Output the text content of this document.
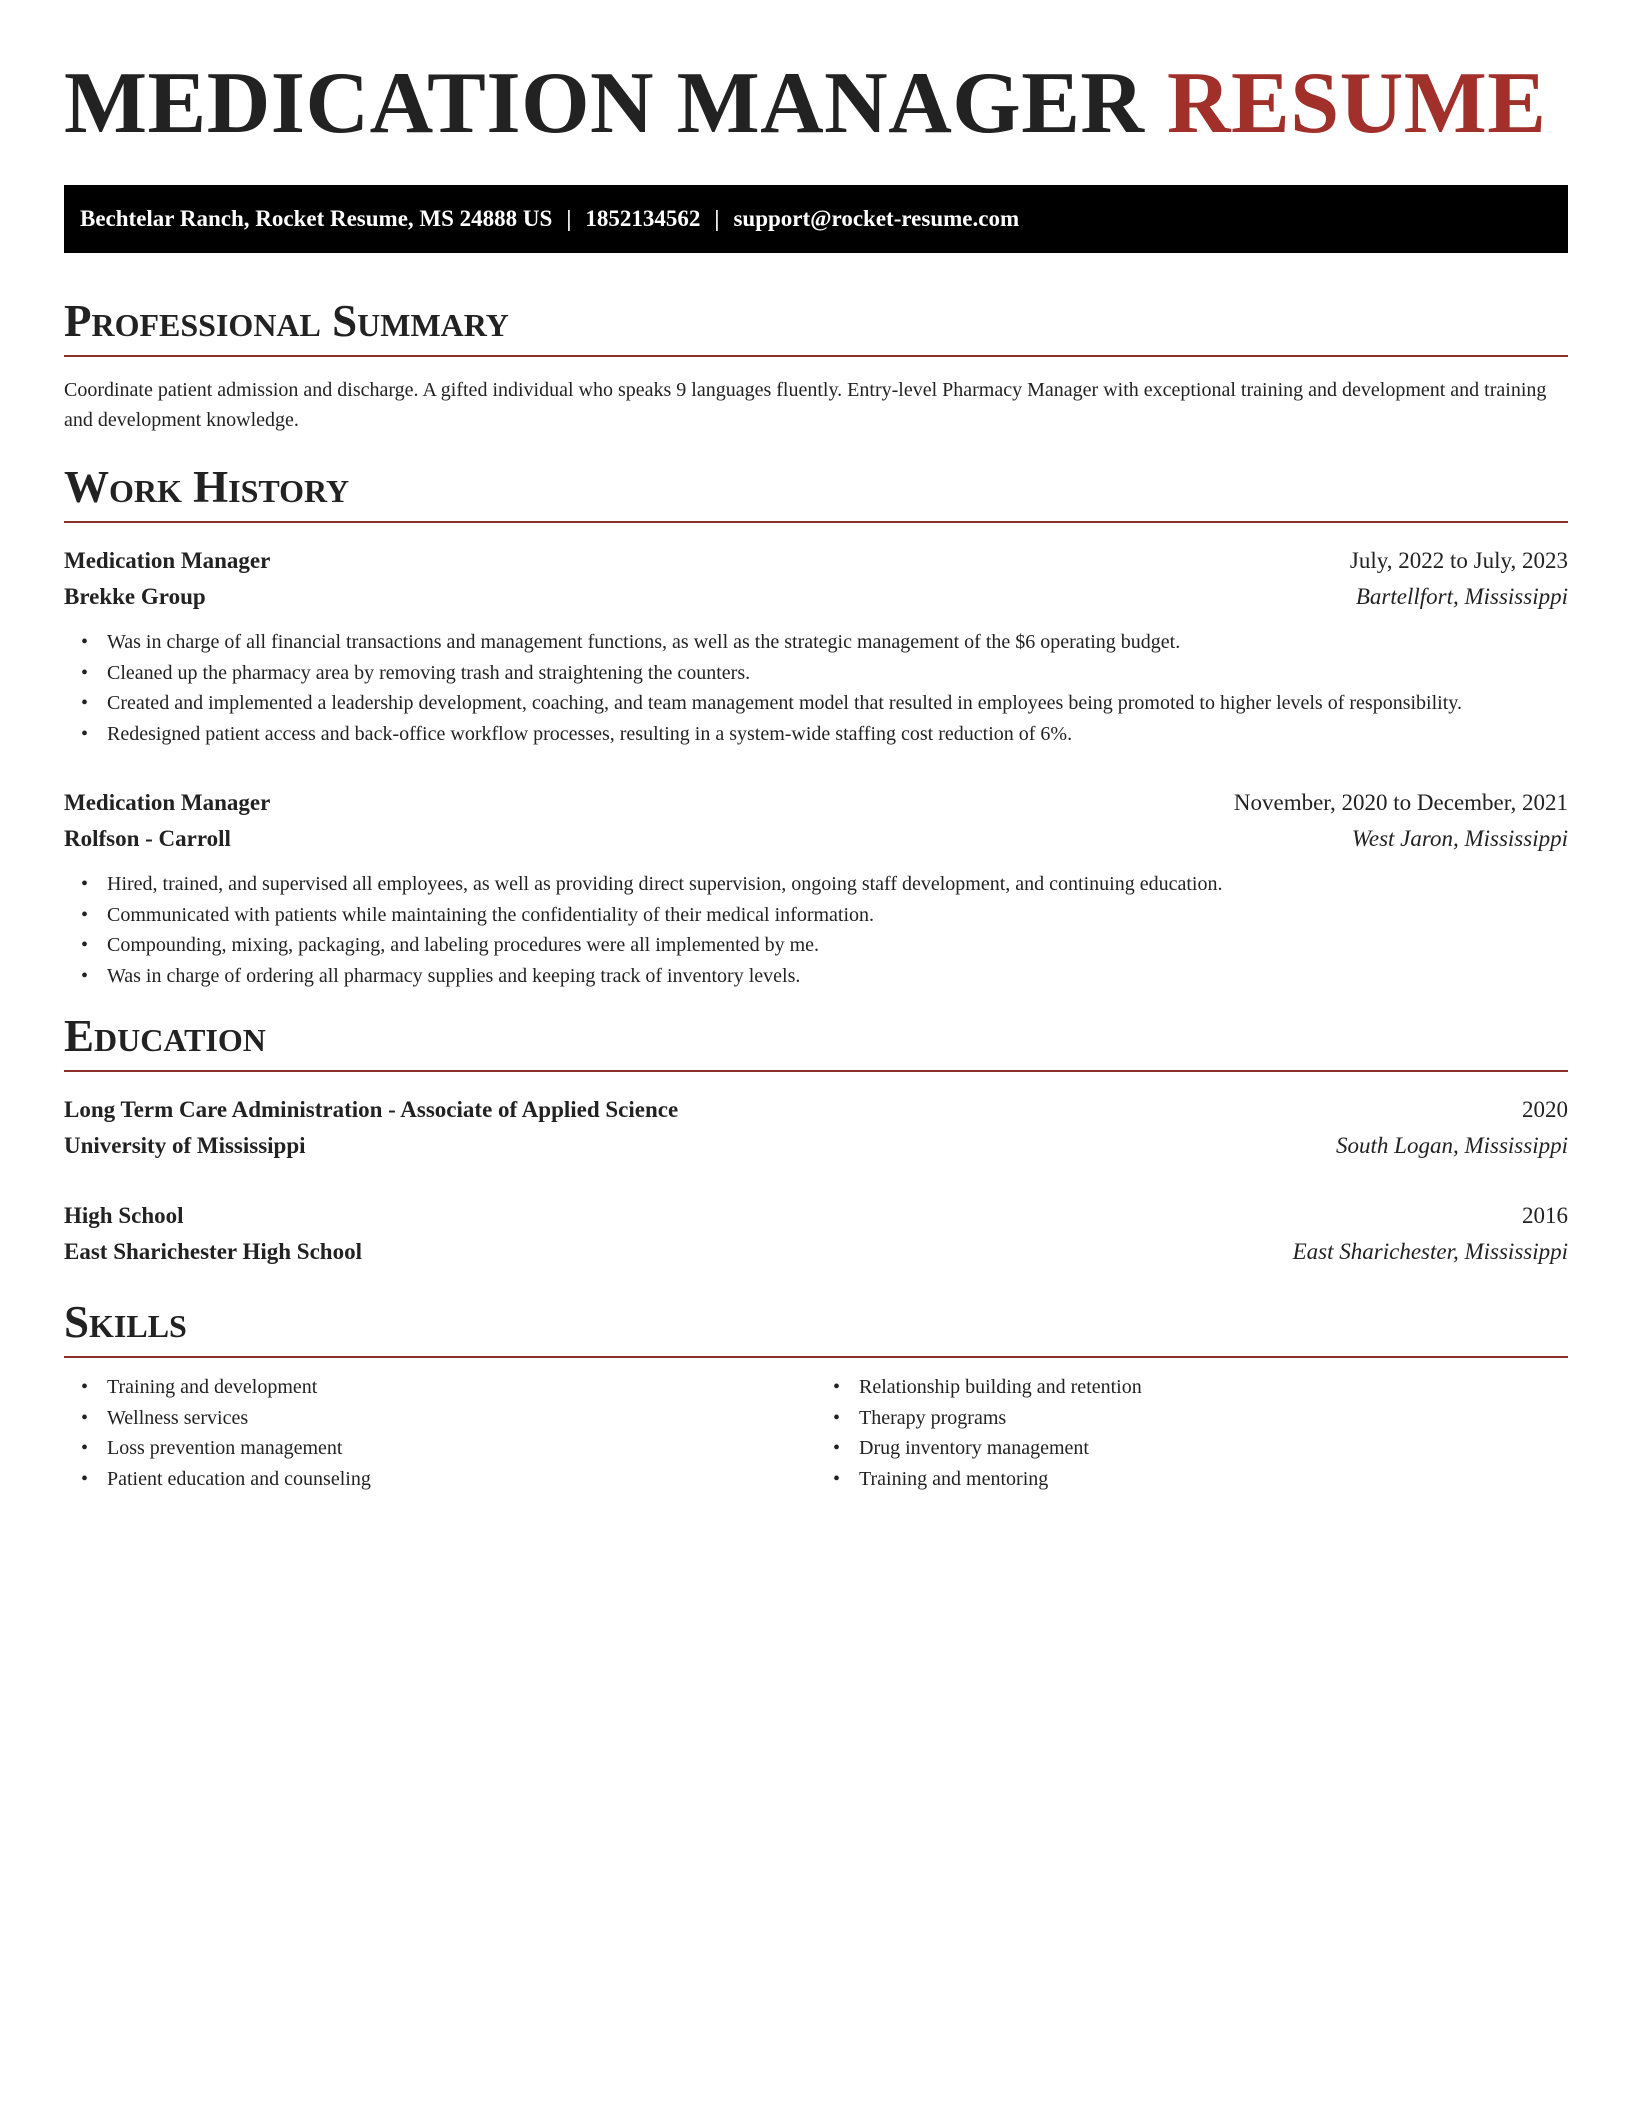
MEDICATION MANAGER RESUME
Bechtelar Ranch, Rocket Resume, MS 24888 US | 1852134562 | support@rocket-resume.com
Professional Summary

Coordinate patient admission and discharge. A gifted individual who speaks 9 languages fluently. Entry-level Pharmacy Manager with exceptional training and development and training and development knowledge.

Work History
Medication Manager	July, 2022 to July, 2023
Brekke Group	Bartellfort, Mississippi
• Was in charge of all financial transactions and management functions, as well as the strategic management of the $6 operating budget.
• Cleaned up the pharmacy area by removing trash and straightening the counters.
• Created and implemented a leadership development, coaching, and team management model that resulted in employees being promoted to higher levels of responsibility.
• Redesigned patient access and back-office workflow processes, resulting in a system-wide staffing cost reduction of 6%.
Medication Manager	November, 2020 to December, 2021
Rolfson - Carroll	West Jaron, Mississippi
• Hired, trained, and supervised all employees, as well as providing direct supervision, ongoing staff development, and continuing education.
• Communicated with patients while maintaining the confidentiality of their medical information.
• Compounding, mixing, packaging, and labeling procedures were all implemented by me.
• Was in charge of ordering all pharmacy supplies and keeping track of inventory levels.
Education
Long Term Care Administration - Associate of Applied Science	2020
University of Mississippi	South Logan, Mississippi
High School	2016
East Sharichester High School	East Sharichester, Mississippi
Skills
• Training and development
• Wellness services
• Loss prevention management
• Patient education and counseling
• Relationship building and retention
• Therapy programs
• Drug inventory management
• Training and mentoring
